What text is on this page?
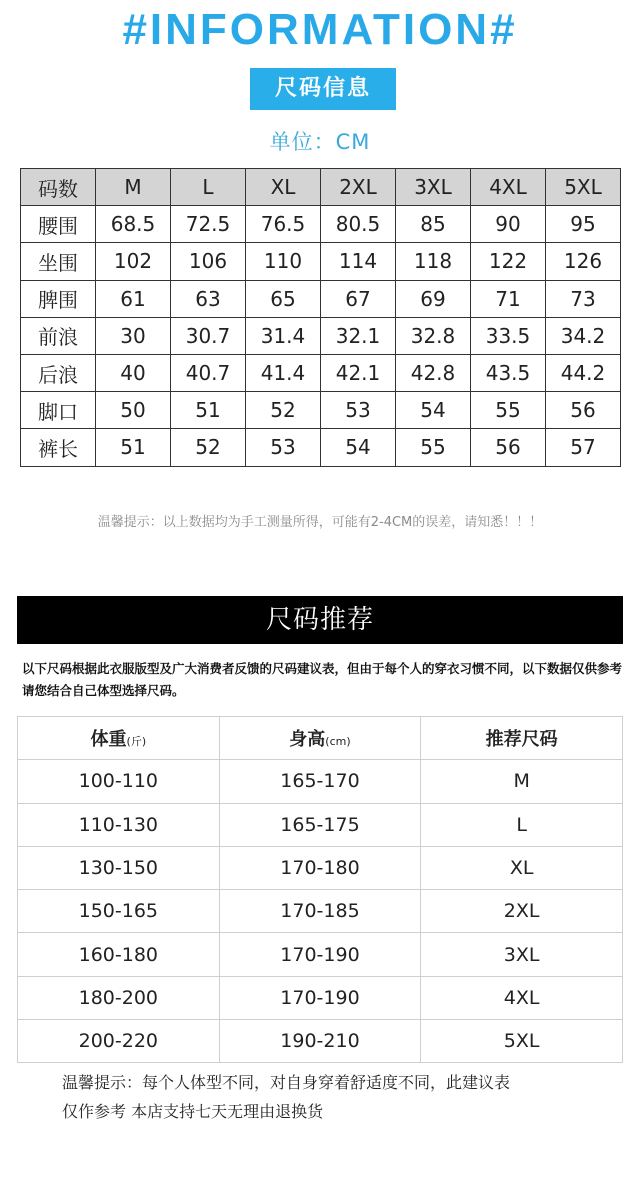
#INFORMATION#
尺码信息
单位：CM
码数	M	L	XL	2XL	3XL	4XL	5XL
腰围	68.5	72.5	76.5	80.5	85	90	95
坐围	102	106	110	114	118	122	126
脾围	61	63	65	67	69	71	73
前浪	30	30.7	31.4	32.1	32.8	33.5	34.2
后浪	40	40.7	41.4	42.1	42.8	43.5	44.2
脚口	50	51	52	53	54	55	56
裤长	51	52	53	54	55	56	57
温馨提示：以上数据均为手工测量所得，可能有2-4CM的误差，请知悉！！！
尺码推荐
以下尺码根据此衣服版型及广大消费者反馈的尺码建议表，但由于每个人的穿衣习惯不同，以下数据仅供参考请您结合自己体型选择尺码。
体重(斤)	身高(cm)	推荐尺码
100-110	165-170	M
110-130	165-175	L
130-150	170-180	XL
150-165	170-185	2XL
160-180	170-190	3XL
180-200	170-190	4XL
200-220	190-210	5XL
温馨提示：每个人体型不同，对自身穿着舒适度不同，此建议表
仅作参考 本店支持七天无理由退换货
